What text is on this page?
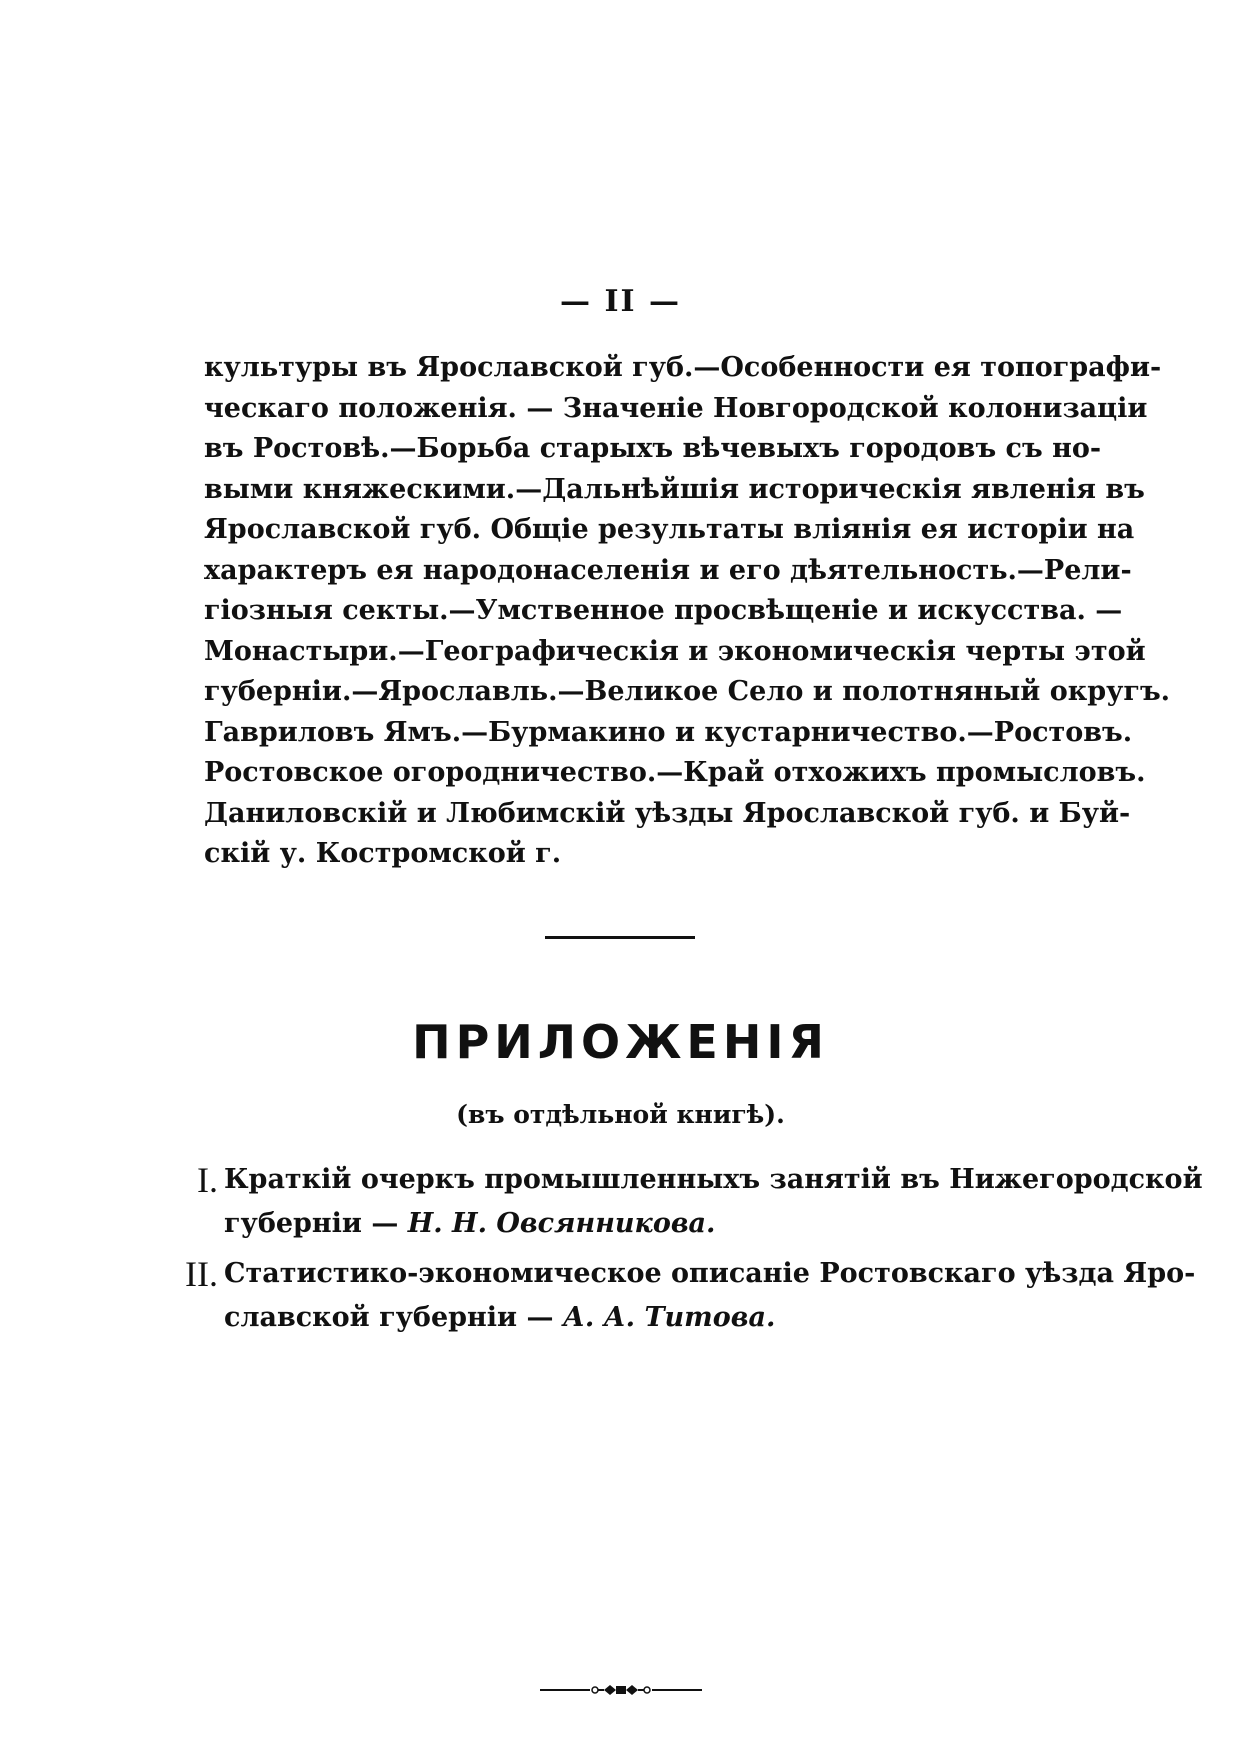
— II —
культуры въ Ярославской губ.—Особенности ея топографи-
ческаго положенія. — Значеніе Новгородской колонизаціи
въ Ростовѣ.—Борьба старыхъ вѣчевыхъ городовъ съ но-
выми княжескими.—Дальнѣйшія историческія явленія въ
Ярославской губ. Общіе результаты вліянія ея исторіи на
характеръ ея народонаселенія и его дѣятельность.—Рели-
гіозныя секты.—Умственное просвѣщеніе и искусства. —
Монастыри.—Географическія и экономическія черты этой
губерніи.—Ярославль.—Великое Село и полотняный округъ.
Гавриловъ Ямъ.—Бурмакино и кустарничество.—Ростовъ.
Ростовское огородничество.—Край отхожихъ промысловъ.
Даниловскій и Любимскій уѣзды Ярославской губ. и Буй-
скій у. Костромской г.
ПРИЛОЖЕНІЯ
(въ отдѣльной книгѣ).
I. Краткій очеркъ промышленныхъ занятій въ Нижегородской
губерніи — Н. Н. Овсянникова.
II. Статистико-экономическое описаніе Ростовскаго уѣзда Яро-
славской губерніи — А. А. Титова.
